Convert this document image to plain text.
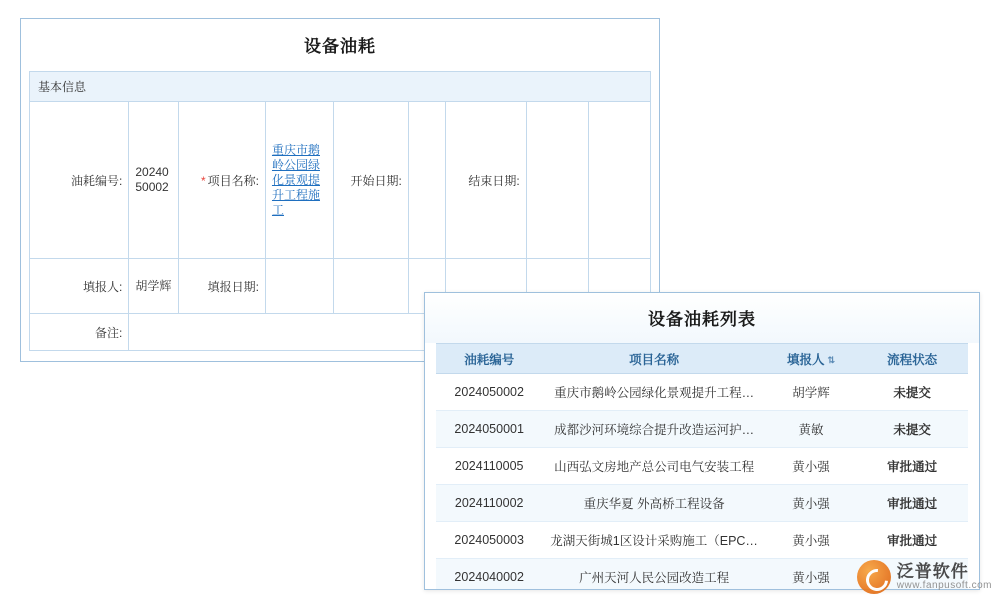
设备油耗
基本信息
油耗编号:	2024050002	* 项目名称:	重庆市鹅岭公园绿化景观提升工程施工	开始日期:		结束日期:		
填报人:	胡学辉	填报日期:						
备注:								
设备油耗列表
油耗编号	项目名称	填报人 ⇅	流程状态
2024050002	重庆市鹅岭公园绿化景观提升工程…	胡学辉	未提交
2024050001	成都沙河环境综合提升改造运河护…	黄敏	未提交
2024110005	山西弘文房地产总公司电气安装工程	黄小强	审批通过
2024110002	重庆华夏 外高桥工程设备	黄小强	审批通过
2024050003	龙湖天街城1区设计采购施工（EPC…	黄小强	审批通过
2024040002	广州天河人民公园改造工程	黄小强		泛普软件
www.fanpusoft.com
